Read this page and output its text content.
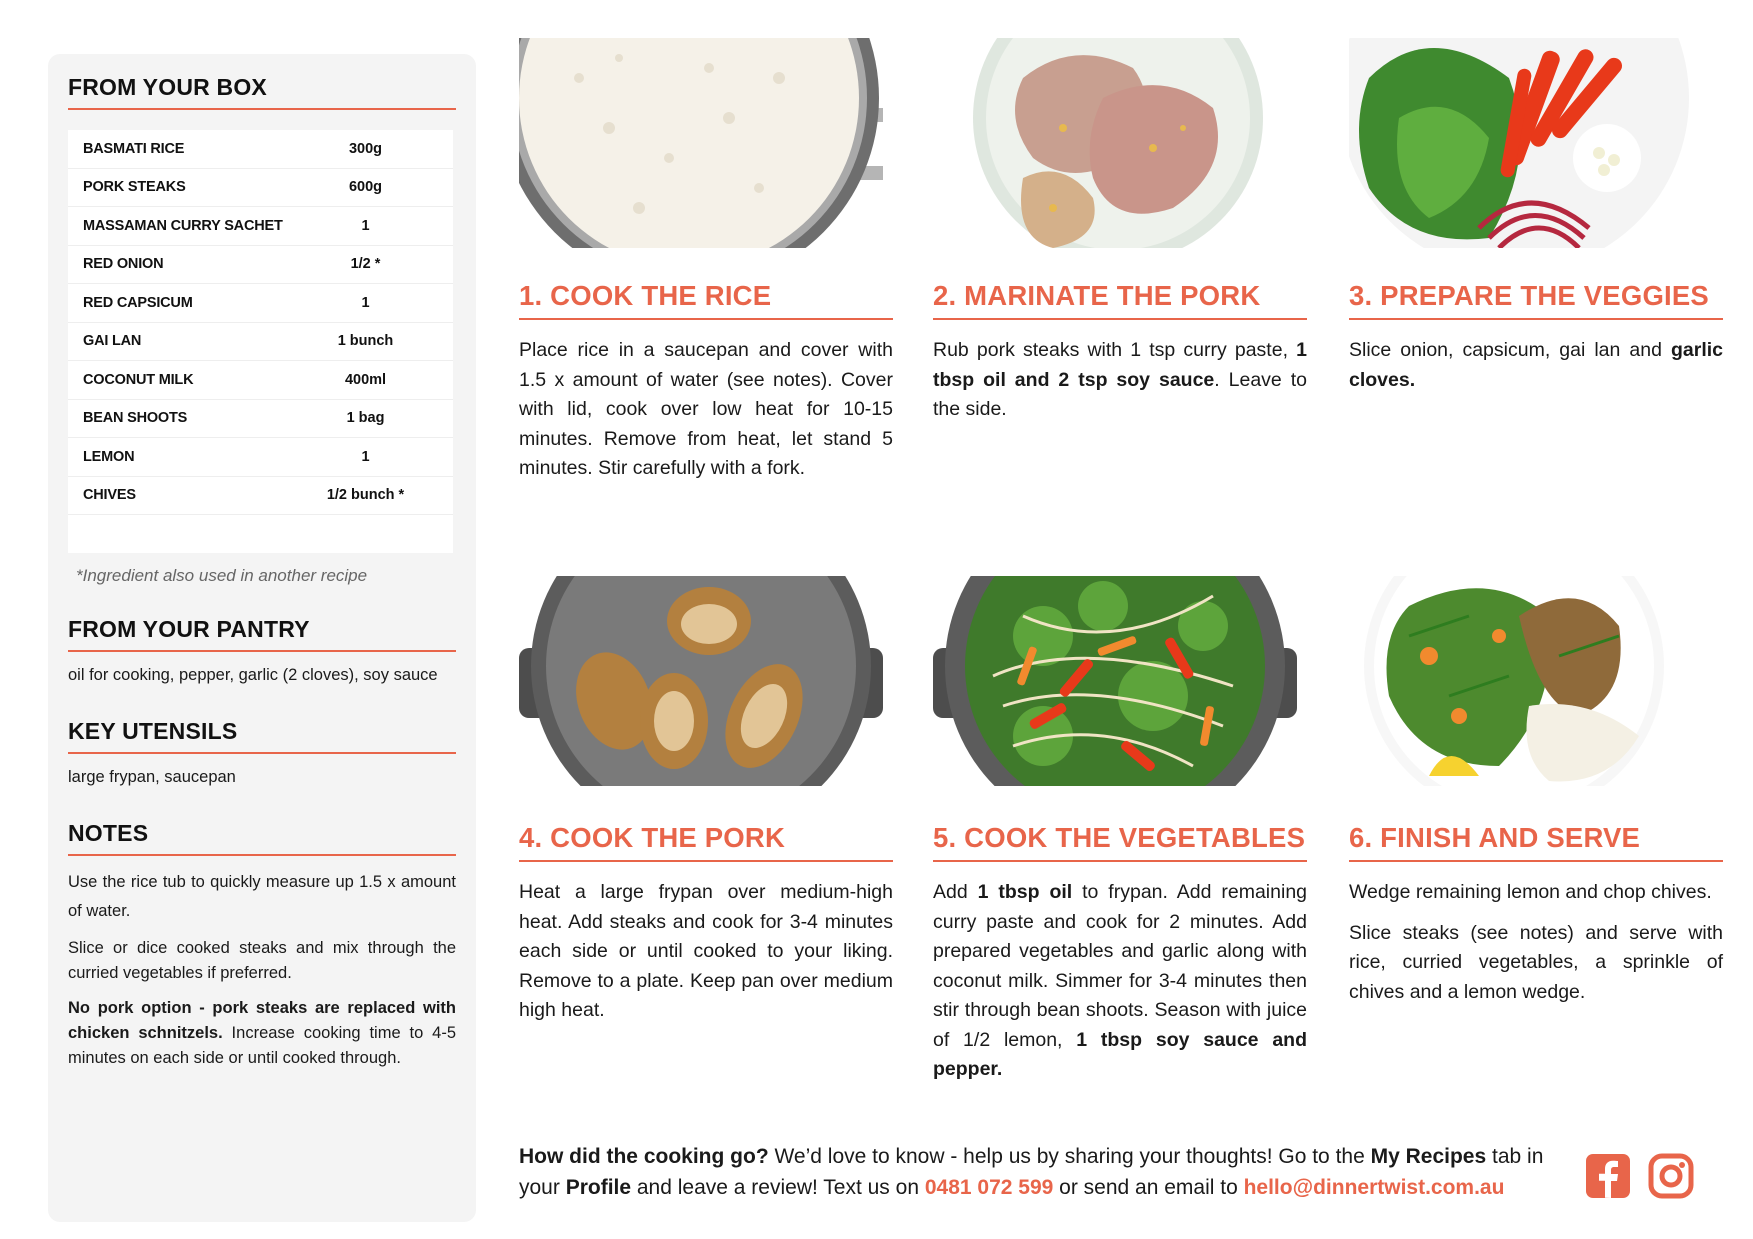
FROM YOUR BOX
BASMATI RICE	300g
PORK STEAKS	600g
MASSAMAN CURRY SACHET	1
RED ONION	1/2 *
RED CAPSICUM	1
GAI LAN	1 bunch
COCONUT MILK	400ml
BEAN SHOOTS	1 bag
LEMON	1
CHIVES	1/2 bunch *
*Ingredient also used in another recipe
FROM YOUR PANTRY
oil for cooking, pepper, garlic (2 cloves), soy sauce
KEY UTENSILS
large frypan, saucepan
NOTES
Use the rice tub to quickly measure up 1.5 x amount of water.
Slice or dice cooked steaks and mix through the curried vegetables if preferred.
No pork option - pork steaks are replaced with chicken schnitzels. Increase cooking time to 4-5 minutes on each side or until cooked through.
1. COOK THE RICE
Place rice in a saucepan and cover with 1.5 x amount of water (see notes). Cover with lid, cook over low heat for 10-15 minutes. Remove from heat, let stand 5 minutes. Stir carefully with a fork.
2. MARINATE THE PORK
Rub pork steaks with 1 tsp curry paste, 1 tbsp oil and 2 tsp soy sauce. Leave to the side.
3. PREPARE THE VEGGIES
Slice onion, capsicum, gai lan and garlic cloves.
4. COOK THE PORK
Heat a large frypan over medium-high heat. Add steaks and cook for 3-4 minutes each side or until cooked to your liking. Remove to a plate. Keep pan over medium high heat.
5. COOK THE VEGETABLES
Add 1 tbsp oil to frypan. Add remaining curry paste and cook for 2 minutes. Add prepared vegetables and garlic along with coconut milk. Simmer for 3-4 minutes then stir through bean shoots. Season with juice of 1/2 lemon, 1 tbsp soy sauce and pepper.
6. FINISH AND SERVE

Wedge remaining lemon and chop chives.

Slice steaks (see notes) and serve with rice, curried vegetables, a sprinkle of chives and a lemon wedge.

How did the cooking go? We’d love to know - help us by sharing your thoughts! Go to the My Recipes tab in your Profile and leave a review! Text us on 0481 072 599 or send an email to hello@dinnertwist.com.au
